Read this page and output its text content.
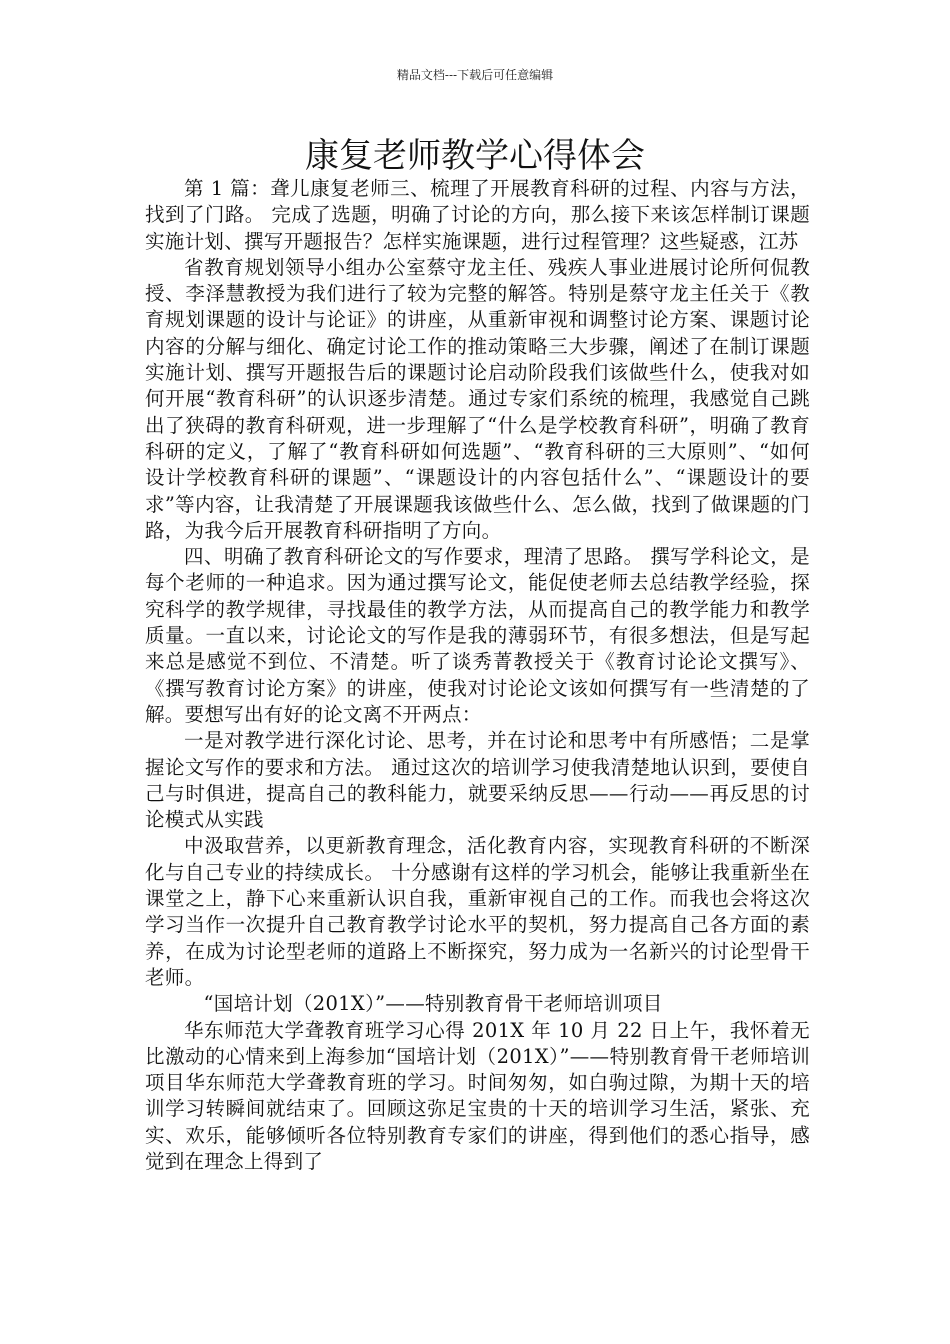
精品文档---下载后可任意编辑
康复老师教学心得体会

第 1 篇：聋儿康复老师三、梳理了开展教育科研的过程、内容与方法，找到了门路。 完成了选题，明确了讨论的方向，那么接下来该怎样制订课题实施计划、撰写开题报告？怎样实施课题，进行过程管理？这些疑惑，江苏

省教育规划领导小组办公室蔡守龙主任、残疾人事业进展讨论所何侃教授、李泽慧教授为我们进行了较为完整的解答。特别是蔡守龙主任关于《教育规划课题的设计与论证》的讲座，从重新审视和调整讨论方案、课题讨论内容的分解与细化、确定讨论工作的推动策略三大步骤，阐述了在制订课题实施计划、撰写开题报告后的课题讨论启动阶段我们该做些什么，使我对如何开展“教育科研”的认识逐步清楚。通过专家们系统的梳理，我感觉自己跳出了狭碍的教育科研观，进一步理解了“什么是学校教育科研”，明确了教育科研的定义，了解了“教育科研如何选题”、“教育科研的三大原则”、“如何设计学校教育科研的课题”、“课题设计的内容包括什么”、“课题设计的要求”等内容，让我清楚了开展课题我该做些什么、怎么做，找到了做课题的门路，为我今后开展教育科研指明了方向。

四、明确了教育科研论文的写作要求，理清了思路。 撰写学科论文，是每个老师的一种追求。因为通过撰写论文，能促使老师去总结教学经验，探究科学的教学规律，寻找最佳的教学方法，从而提高自己的教学能力和教学质量。一直以来，讨论论文的写作是我的薄弱环节，有很多想法，但是写起来总是感觉不到位、不清楚。听了谈秀菁教授关于《教育讨论论文撰写》、《撰写教育讨论方案》的讲座，使我对讨论论文该如何撰写有一些清楚的了解。要想写出有好的论文离不开两点：

一是对教学进行深化讨论、思考，并在讨论和思考中有所感悟；二是掌握论文写作的要求和方法。 通过这次的培训学习使我清楚地认识到，要使自己与时俱进，提高自己的教科能力，就要采纳反思——行动——再反思的讨论模式从实践

中汲取营养，以更新教育理念，活化教育内容，实现教育科研的不断深化与自己专业的持续成长。 十分感谢有这样的学习机会，能够让我重新坐在课堂之上，静下心来重新认识自我，重新审视自己的工作。而我也会将这次学习当作一次提升自己教育教学讨论水平的契机，努力提高自己各方面的素养，在成为讨论型老师的道路上不断探究，努力成为一名新兴的讨论型骨干老师。

“国培计划（201X）”——特别教育骨干老师培训项目

华东师范大学聋教育班学习心得 201X 年 10 月 22 日上午，我怀着无比激动的心情来到上海参加“国培计划（201X）”——特别教育骨干老师培训项目华东师范大学聋教育班的学习。时间匆匆，如白驹过隙，为期十天的培训学习转瞬间就结束了。回顾这弥足宝贵的十天的培训学习生活，紧张、充实、欢乐，能够倾听各位特别教育专家们的讲座，得到他们的悉心指导，感觉到在理念上得到了
